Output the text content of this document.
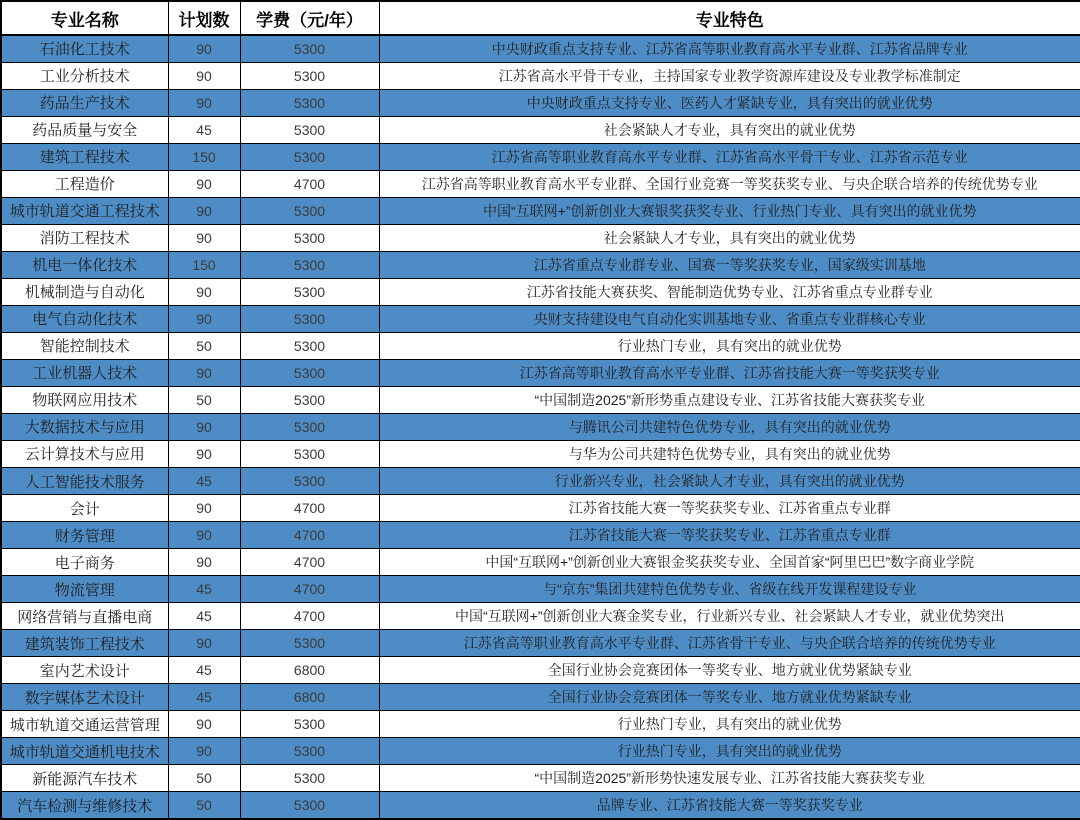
专业名称	计划数	学费（元/年）	专业特色
石油化工技术	90	5300	中央财政重点支持专业、江苏省高等职业教育高水平专业群、江苏省品牌专业
工业分析技术	90	5300	江苏省高水平骨干专业，主持国家专业教学资源库建设及专业教学标准制定
药品生产技术	90	5300	中央财政重点支持专业、医药人才紧缺专业，具有突出的就业优势
药品质量与安全	45	5300	社会紧缺人才专业，具有突出的就业优势
建筑工程技术	150	5300	江苏省高等职业教育高水平专业群、江苏省高水平骨干专业、江苏省示范专业
工程造价	90	4700	江苏省高等职业教育高水平专业群、全国行业竞赛一等奖获奖专业、与央企联合培养的传统优势专业
城市轨道交通工程技术	90	5300	中国“互联网+”创新创业大赛银奖获奖专业、行业热门专业、具有突出的就业优势
消防工程技术	90	5300	社会紧缺人才专业，具有突出的就业优势
机电一体化技术	150	5300	江苏省重点专业群专业、国赛一等奖获奖专业，国家级实训基地
机械制造与自动化	90	5300	江苏省技能大赛获奖、智能制造优势专业、江苏省重点专业群专业
电气自动化技术	90	5300	央财支持建设电气自动化实训基地专业、省重点专业群核心专业
智能控制技术	50	5300	行业热门专业，具有突出的就业优势
工业机器人技术	90	5300	江苏省高等职业教育高水平专业群、江苏省技能大赛一等奖获奖专业
物联网应用技术	50	5300	“中国制造2025”新形势重点建设专业、江苏省技能大赛获奖专业
大数据技术与应用	90	5300	与腾讯公司共建特色优势专业，具有突出的就业优势
云计算技术与应用	90	5300	与华为公司共建特色优势专业，具有突出的就业优势
人工智能技术服务	45	5300	行业新兴专业，社会紧缺人才专业，具有突出的就业优势
会计	90	4700	江苏省技能大赛一等奖获奖专业、江苏省重点专业群
财务管理	90	4700	江苏省技能大赛一等奖获奖专业、江苏省重点专业群
电子商务	90	4700	中国“互联网+”创新创业大赛银金奖获奖专业、全国首家“阿里巴巴”数字商业学院
物流管理	45	4700	与“京东”集团共建特色优势专业、省级在线开发课程建设专业
网络营销与直播电商	45	4700	中国“互联网+”创新创业大赛金奖专业，行业新兴专业、社会紧缺人才专业，就业优势突出
建筑装饰工程技术	90	5300	江苏省高等职业教育高水平专业群、江苏省骨干专业、与央企联合培养的传统优势专业
室内艺术设计	45	6800	全国行业协会竞赛团体一等奖专业、地方就业优势紧缺专业
数字媒体艺术设计	45	6800	全国行业协会竞赛团体一等奖专业、地方就业优势紧缺专业
城市轨道交通运营管理	90	5300	行业热门专业，具有突出的就业优势
城市轨道交通机电技术	90	5300	行业热门专业，具有突出的就业优势
新能源汽车技术	50	5300	“中国制造2025”新形势快速发展专业、江苏省技能大赛获奖专业
汽车检测与维修技术	50	5300	品牌专业、江苏省技能大赛一等奖获奖专业
